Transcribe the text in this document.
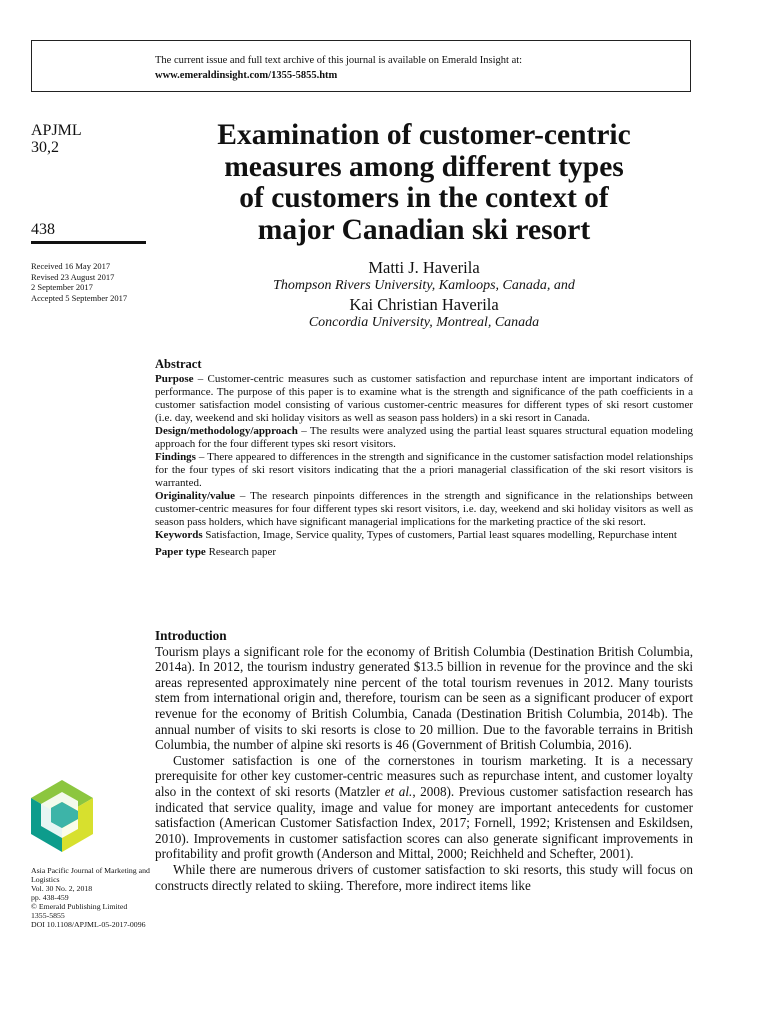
The current issue and full text archive of this journal is available on Emerald Insight at:
www.emeraldinsight.com/1355-5855.htm
APJML
30,2
438
Received 16 May 2017
Revised 23 August 2017
2 September 2017
Accepted 5 September 2017
Examination of customer-centric
measures among different types
of customers in the context of
major Canadian ski resort
Matti J. Haverila
Thompson Rivers University, Kamloops, Canada, and
Kai Christian Haverila
Concordia University, Montreal, Canada
Abstract

Purpose – Customer-centric measures such as customer satisfaction and repurchase intent are important indicators of performance. The purpose of this paper is to examine what is the strength and significance of the path coefficients in a customer satisfaction model consisting of various customer-centric measures for different types of ski resort customer (i.e. day, weekend and ski holiday visitors as well as season pass holders) in a ski resort in Canada.

Design/methodology/approach – The results were analyzed using the partial least squares structural equation modeling approach for the four different types ski resort visitors.

Findings – There appeared to differences in the strength and significance in the customer satisfaction model relationships for the four types of ski resort visitors indicating that the a priori managerial classification of the ski resort visitors is warranted.

Originality/value – The research pinpoints differences in the strength and significance in the relationships between customer-centric measures for four different types ski resort visitors, i.e. day, weekend and ski holiday visitors as well as season pass holders, which have significant managerial implications for the marketing practice of the ski resort.

Keywords Satisfaction, Image, Service quality, Types of customers, Partial least squares modelling, Repurchase intent

Paper type Research paper

Introduction

Tourism plays a significant role for the economy of British Columbia (Destination British Columbia, 2014a). In 2012, the tourism industry generated $13.5 billion in revenue for the province and the ski areas represented approximately nine percent of the total tourism revenues in 2012. Many tourists stem from international origin and, therefore, tourism can be seen as a significant producer of export revenue for the economy of British Columbia, Canada (Destination British Columbia, 2014b). The annual number of visits to ski resorts is close to 20 million. Due to the favorable terrains in British Columbia, the number of alpine ski resorts is 46 (Government of British Columbia, 2016).

Customer satisfaction is one of the cornerstones in tourism marketing. It is a necessary prerequisite for other key customer-centric measures such as repurchase intent, and customer loyalty also in the context of ski resorts (Matzler et al., 2008). Previous customer satisfaction research has indicated that service quality, image and value for money are important antecedents for customer satisfaction (American Customer Satisfaction Index, 2017; Fornell, 1992; Kristensen and Eskildsen, 2010). Improvements in customer satisfaction scores can also generate significant improvements in profitability and profit growth (Anderson and Mittal, 2000; Reichheld and Schefter, 2001).

While there are numerous drivers of customer satisfaction to ski resorts, this study will focus on constructs directly related to skiing. Therefore, more indirect items like

Asia Pacific Journal of Marketing and Logistics
Vol. 30 No. 2, 2018
pp. 438-459
© Emerald Publishing Limited
1355-5855
DOI 10.1108/APJML-05-2017-0096
